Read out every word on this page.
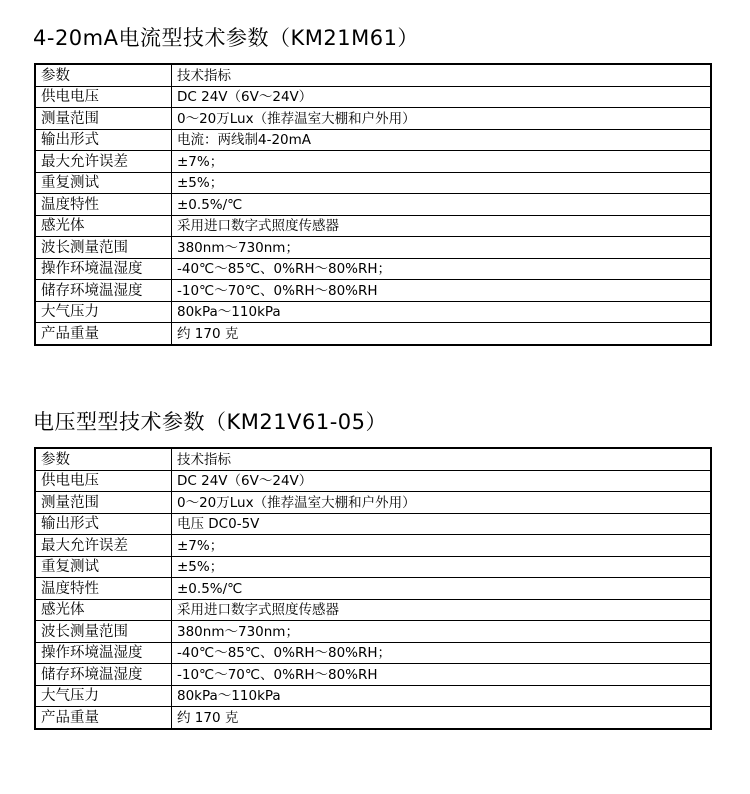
4-20mA电流型技术参数（KM21M61）
参数	技术指标
供电电压	DC 24V（6V～24V）
测量范围	0～20万Lux（推荐温室大棚和户外用）
输出形式	电流：两线制4-20mA
最大允许误差	±7%；
重复测试	±5%；
温度特性	±0.5%/℃
感光体	采用进口数字式照度传感器
波长测量范围	380nm～730nm；
操作环境温湿度	-40℃～85℃、0%RH～80%RH；
储存环境温湿度	-10℃～70℃、0%RH～80%RH
大气压力	80kPa～110kPa
产品重量	约 170 克
电压型型技术参数（KM21V61-05）
参数	技术指标
供电电压	DC 24V（6V～24V）
测量范围	0～20万Lux（推荐温室大棚和户外用）
输出形式	电压 DC0-5V
最大允许误差	±7%；
重复测试	±5%；
温度特性	±0.5%/℃
感光体	采用进口数字式照度传感器
波长测量范围	380nm～730nm；
操作环境温湿度	-40℃～85℃、0%RH～80%RH；
储存环境温湿度	-10℃～70℃、0%RH～80%RH
大气压力	80kPa～110kPa
产品重量	约 170 克
